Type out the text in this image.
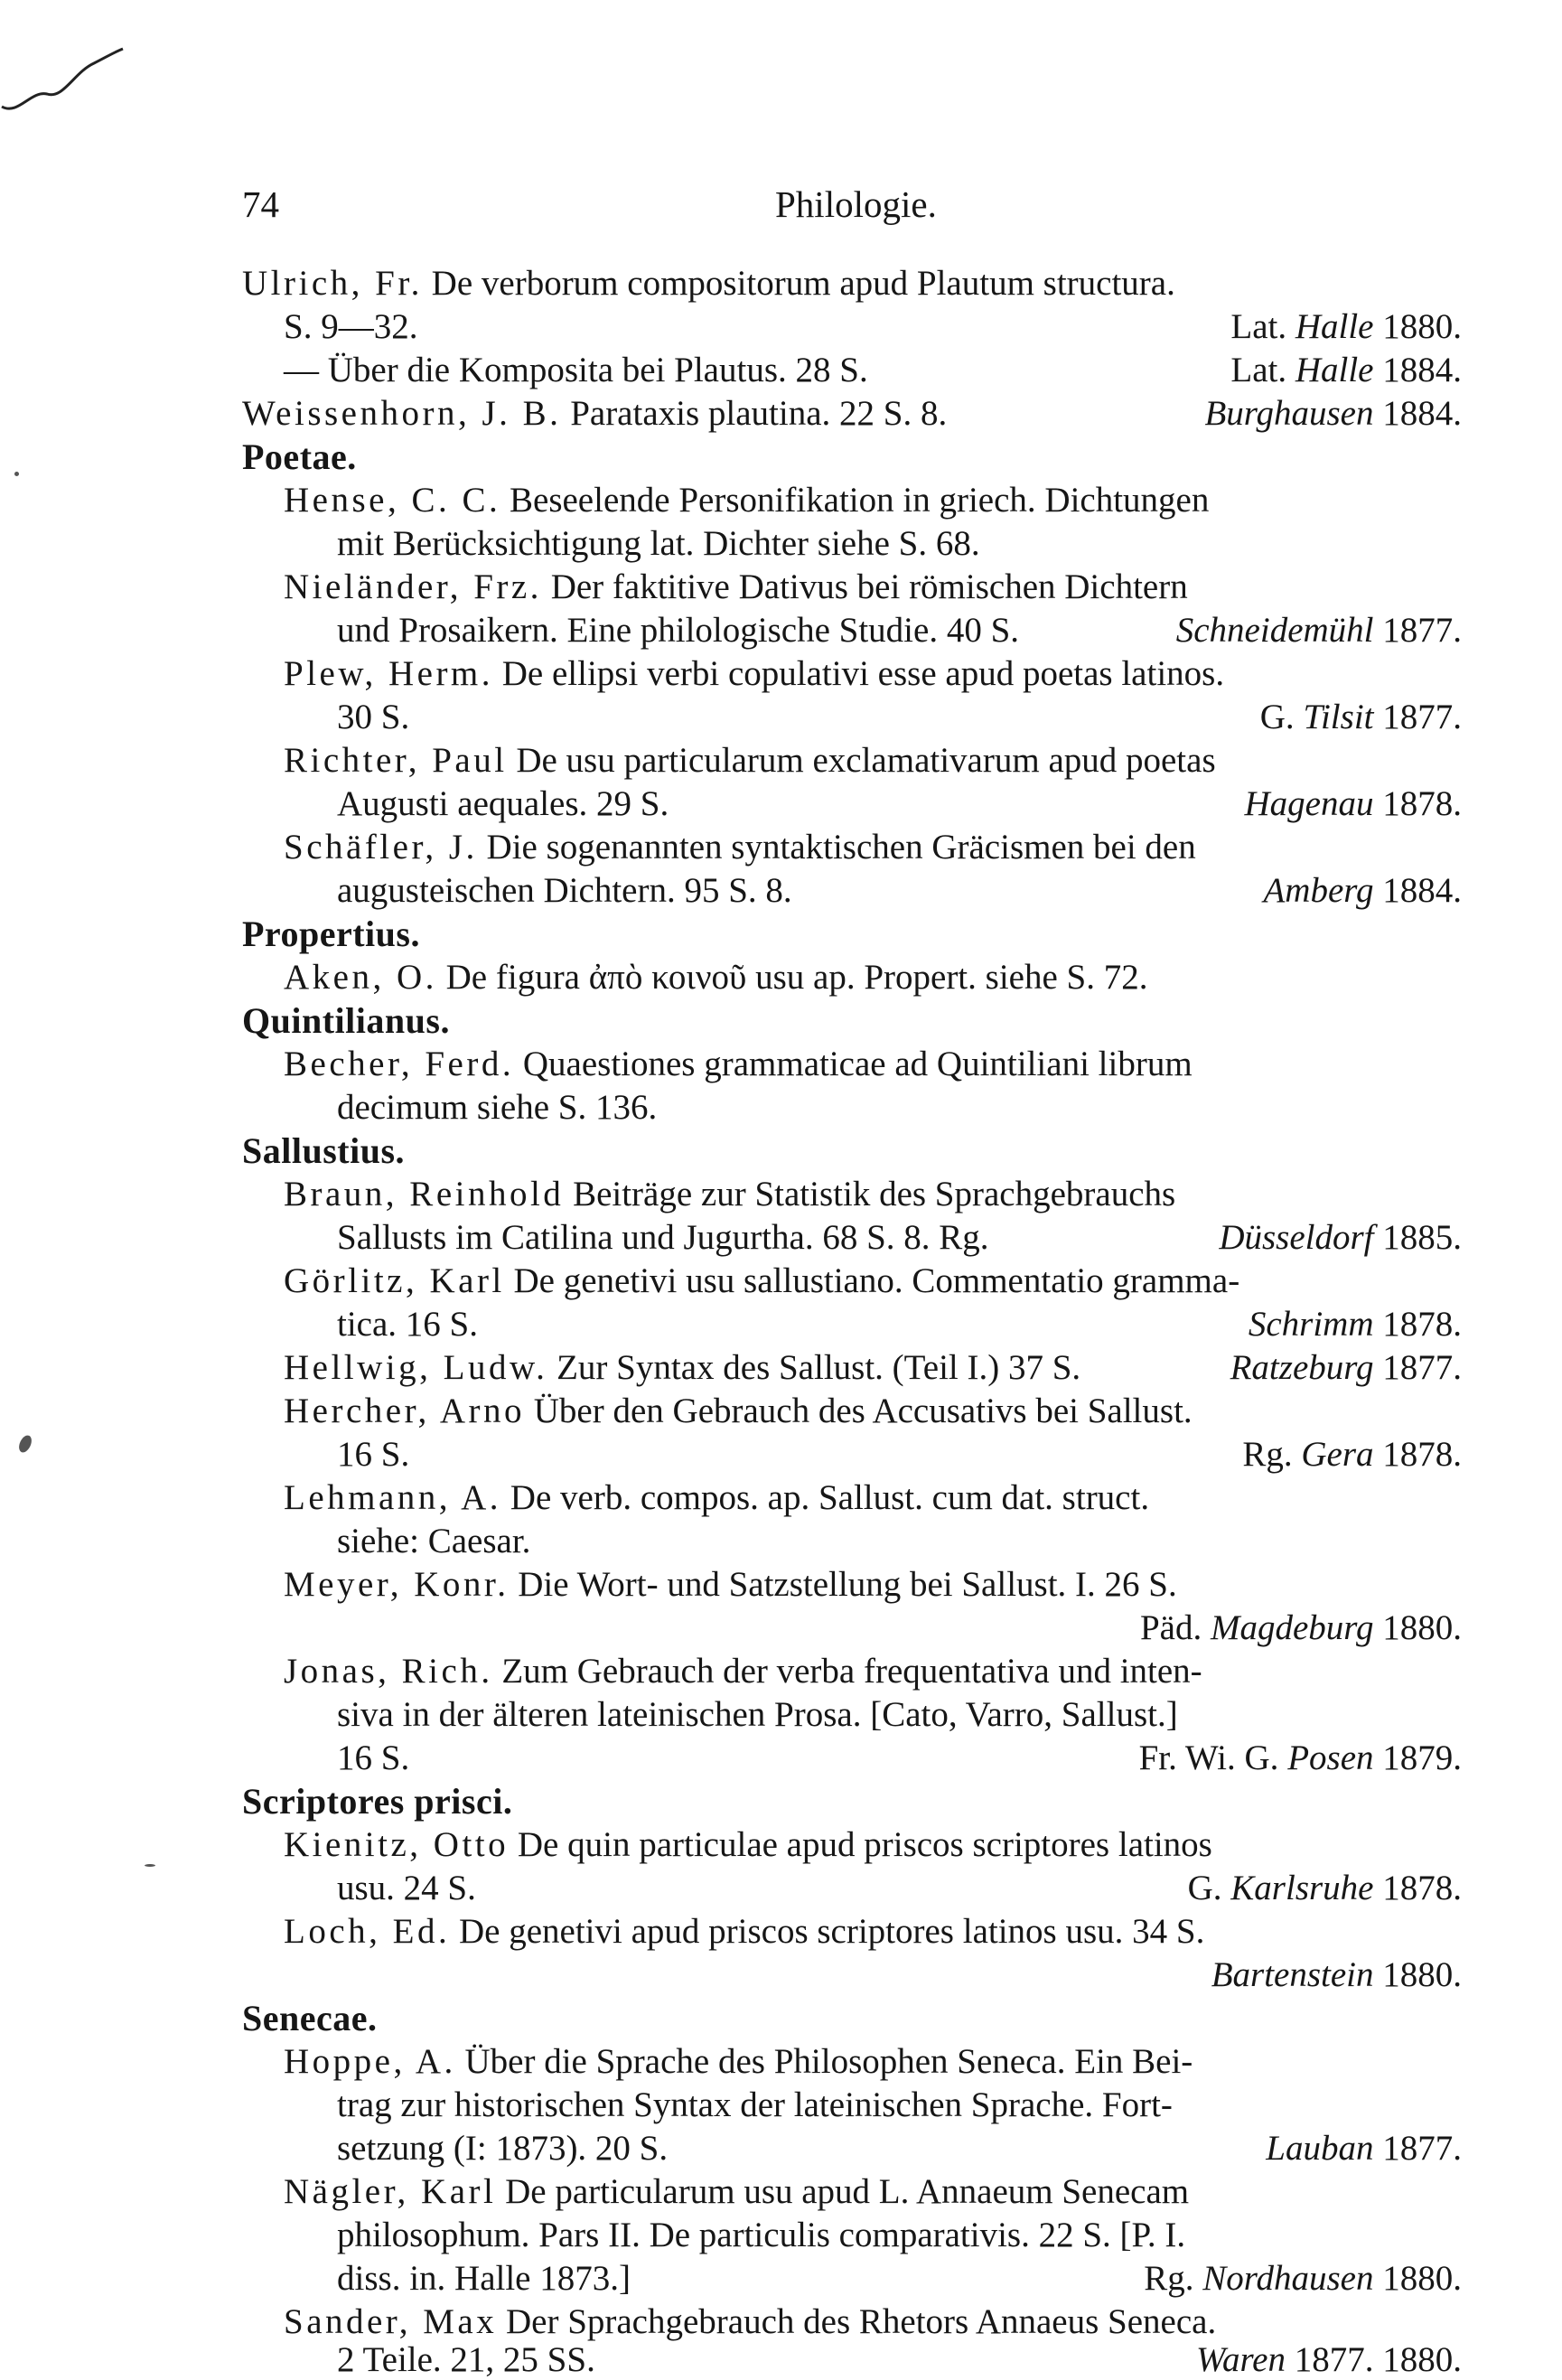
74	Philologie.
Ulrich, Fr. De verborum compositorum apud Plautum structura.
S. 9—32.	Lat. Halle 1880.
— Über die Komposita bei Plautus. 28 S.	Lat. Halle 1884.
Weissenhorn, J. B. Parataxis plautina. 22 S. 8.	Burghausen 1884.
Poetae.
Hense, C. C. Beseelende Personifikation in griech. Dichtungen
mit Berücksichtigung lat. Dichter siehe S. 68.
Nieländer, Frz. Der faktitive Dativus bei römischen Dichtern
und Prosaikern. Eine philologische Studie. 40 S.	Schneidemühl 1877.
Plew, Herm. De ellipsi verbi copulativi esse apud poetas latinos.
30 S.	G. Tilsit 1877.
Richter, Paul De usu particularum exclamativarum apud poetas
Augusti aequales. 29 S.	Hagenau 1878.
Schäfler, J. Die sogenannten syntaktischen Gräcismen bei den
augusteischen Dichtern. 95 S. 8.	Amberg 1884.
Propertius.
Aken, O. De figura ἀπὸ κοινοῦ usu ap. Propert. siehe S. 72.
Quintilianus.
Becher, Ferd. Quaestiones grammaticae ad Quintiliani librum
decimum siehe S. 136.
Sallustius.
Braun, Reinhold Beiträge zur Statistik des Sprachgebrauchs
Sallusts im Catilina und Jugurtha. 68 S. 8. Rg.	Düsseldorf 1885.
Görlitz, Karl De genetivi usu sallustiano. Commentatio gramma-
tica. 16 S.	Schrimm 1878.
Hellwig, Ludw. Zur Syntax des Sallust. (Teil I.) 37 S.	Ratzeburg 1877.
Hercher, Arno Über den Gebrauch des Accusativs bei Sallust.
16 S.	Rg. Gera 1878.
Lehmann, A. De verb. compos. ap. Sallust. cum dat. struct.
siehe: Caesar.
Meyer, Konr. Die Wort- und Satzstellung bei Sallust. I. 26 S.
Päd. Magdeburg 1880.
Jonas, Rich. Zum Gebrauch der verba frequentativa und inten-
siva in der älteren lateinischen Prosa. [Cato, Varro, Sallust.]
16 S.	Fr. Wi. G. Posen 1879.
Scriptores prisci.
Kienitz, Otto De quin particulae apud priscos scriptores latinos
usu. 24 S.	G. Karlsruhe 1878.
Loch, Ed. De genetivi apud priscos scriptores latinos usu. 34 S.
Bartenstein 1880.
Senecae.
Hoppe, A. Über die Sprache des Philosophen Seneca. Ein Bei-
trag zur historischen Syntax der lateinischen Sprache. Fort-
setzung (I: 1873). 20 S.	Lauban 1877.
Nägler, Karl De particularum usu apud L. Annaeum Senecam
philosophum. Pars II. De particulis comparativis. 22 S. [P. I.
diss. in. Halle 1873.]	Rg. Nordhausen 1880.
Sander, Max Der Sprachgebrauch des Rhetors Annaeus Seneca.
2 Teile. 21, 25 SS.	Waren 1877. 1880.
